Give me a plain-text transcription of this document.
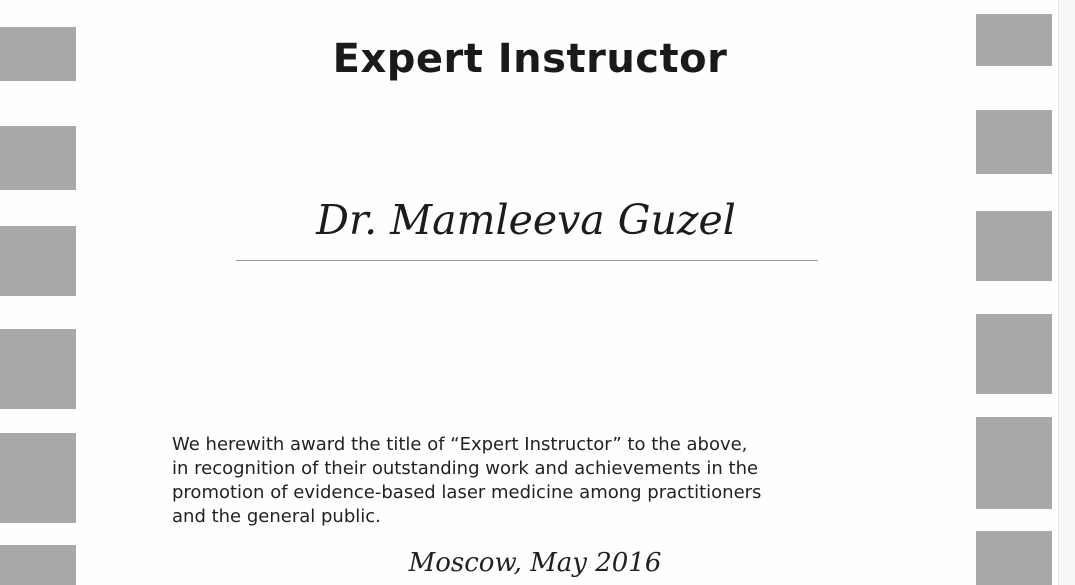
Expert Instructor
Dr. Mamleeva Guzel
We herewith award the title of “Expert Instructor” to the above,
in recognition of their outstanding work and achievements in the
promotion of evidence-based laser medicine among practitioners
and the general public.
Moscow, May 2016
